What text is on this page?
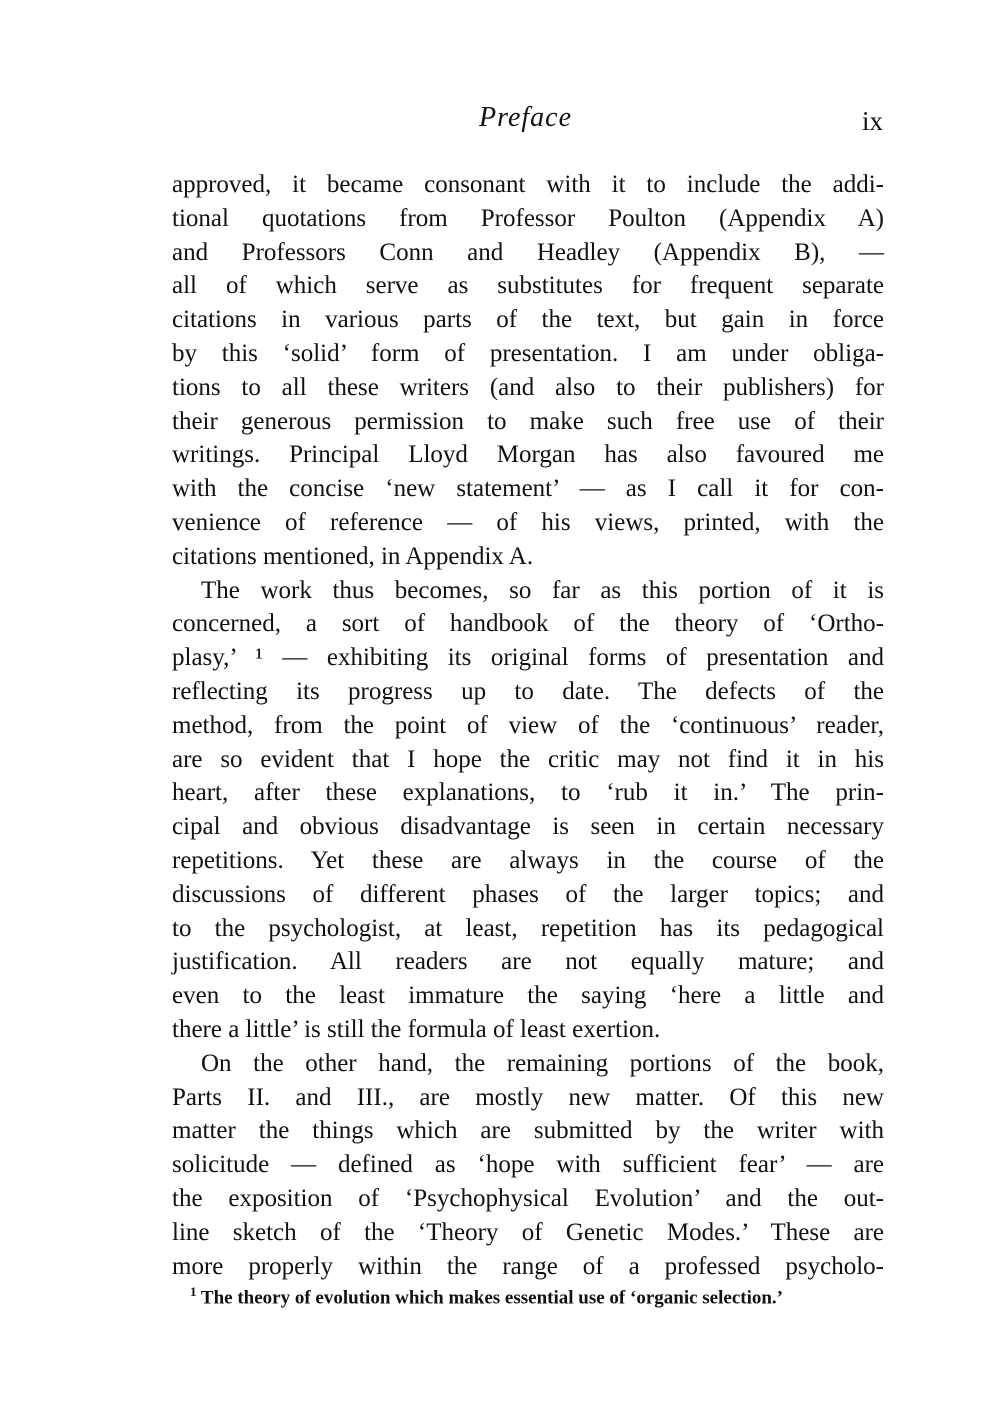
Preface	ix
approved, it became consonant with it to include the addi-
tional quotations from Professor Poulton (Appendix A)
and Professors Conn and Headley (Appendix B), —
all of which serve as substitutes for frequent separate
citations in various parts of the text, but gain in force
by this ‘solid’ form of presentation. I am under obliga-
tions to all these writers (and also to their publishers) for
their generous permission to make such free use of their
writings. Principal Lloyd Morgan has also favoured me
with the concise ‘new statement’ — as I call it for con-
venience of reference — of his views, printed, with the
citations mentioned, in Appendix A.
The work thus becomes, so far as this portion of it is
concerned, a sort of handbook of the theory of ‘Ortho-
plasy,’ ¹ — exhibiting its original forms of presentation and
reflecting its progress up to date. The defects of the
method, from the point of view of the ‘continuous’ reader,
are so evident that I hope the critic may not find it in his
heart, after these explanations, to ‘rub it in.’ The prin-
cipal and obvious disadvantage is seen in certain necessary
repetitions. Yet these are always in the course of the
discussions of different phases of the larger topics; and
to the psychologist, at least, repetition has its pedagogical
justification. All readers are not equally mature; and
even to the least immature the saying ‘here a little and
there a little’ is still the formula of least exertion.
On the other hand, the remaining portions of the book,
Parts II. and III., are mostly new matter. Of this new
matter the things which are submitted by the writer with
solicitude — defined as ‘hope with sufficient fear’ — are
the exposition of ‘Psychophysical Evolution’ and the out-
line sketch of the ‘Theory of Genetic Modes.’ These are
more properly within the range of a professed psycholo-
$^1$ The theory of evolution which makes essential use of ‘organic selection.’
